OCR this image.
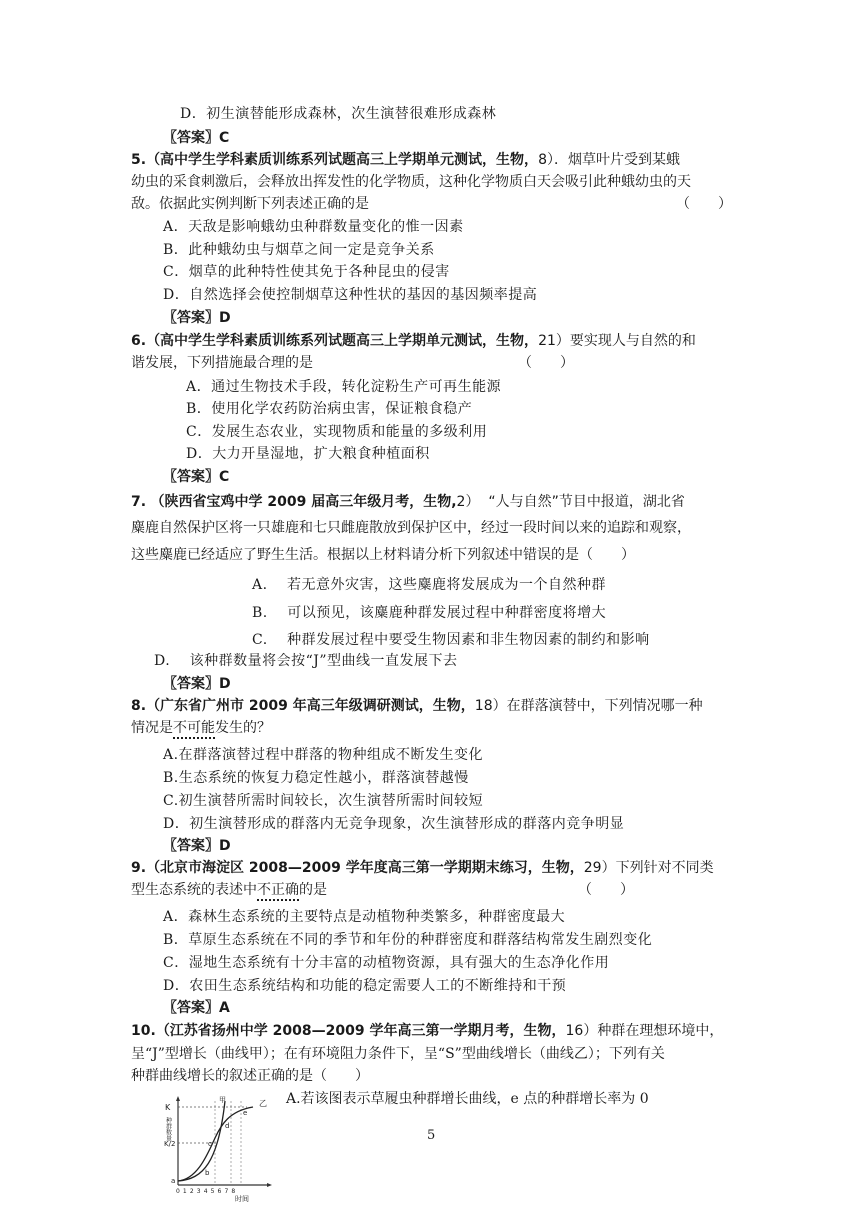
D．初生演替能形成森林，次生演替很难形成森林
〖答案〗C
5.（高中学生学科素质训练系列试题高三上学期单元测试，生物，8）．烟草叶片受到某蛾
幼虫的采食刺激后，会释放出挥发性的化学物质，这种化学物质白天会吸引此种蛾幼虫的天
敌。依据此实例判断下列表述正确的是	（　　）
A．天敌是影响蛾幼虫种群数量变化的惟一因素
B．此种蛾幼虫与烟草之间一定是竞争关系
C．烟草的此种特性使其免于各种昆虫的侵害
D．自然选择会使控制烟草这种性状的基因的基因频率提高
〖答案〗D
6.（高中学生学科素质训练系列试题高三上学期单元测试，生物，21）要实现人与自然的和
谐发展，下列措施最合理的是	（　　）
A．通过生物技术手段，转化淀粉生产可再生能源
B．使用化学农药防治病虫害，保证粮食稳产
C．发展生态农业，实现物质和能量的多级利用
D．大力开垦湿地，扩大粮食种植面积
〖答案〗C
7. （陕西省宝鸡中学 2009 届高三年级月考，生物,2） “人与自然”节目中报道，湖北省
麋鹿自然保护区将一只雄鹿和七只雌鹿散放到保护区中，经过一段时间以来的追踪和观察，
这些麋鹿已经适应了野生生活。根据以上材料请分析下列叙述中错误的是（　　）
A.　 若无意外灾害，这些麋鹿将发展成为一个自然种群
B.　 可以预见，该麋鹿种群发展过程中种群密度将增大
C.　 种群发展过程中要受生物因素和非生物因素的制约和影响
D.　 该种群数量将会按“J”型曲线一直发展下去
〖答案〗D
8.（广东省广州市 2009 年高三年级调研测试，生物，18）在群落演替中，下列情况哪一种
情况是不可能发生的？
A.在群落演替过程中群落的物种组成不断发生变化
B.生态系统的恢复力稳定性越小，群落演替越慢
C.初生演替所需时间较长，次生演替所需时间较短
D．初生演替形成的群落内无竞争现象，次生演替形成的群落内竞争明显
〖答案〗D
9.（北京市海淀区 2008—2009 学年度高三第一学期期末练习，生物，29）下列针对不同类
型生态系统的表述中不正确的是	（　　）
A．森林生态系统的主要特点是动植物种类繁多，种群密度最大
B．草原生态系统在不同的季节和年份的种群密度和群落结构常发生剧烈变化
C．湿地生态系统有十分丰富的动植物资源，具有强大的生态净化作用
D．农田生态系统结构和功能的稳定需要人工的不断维持和干预
〖答案〗A
10.（江苏省扬州中学 2008—2009 学年高三第一学期月考，生物，16）种群在理想环境中，
呈“J”型增长（曲线甲）；在有环境阻力条件下，呈“S”型曲线增长（曲线乙）；下列有关
种群曲线增长的叙述正确的是（　　）
A.若该图表示草履虫种群增长曲线，e 点的种群增长率为 0
K
K/2
甲	乙
种群数量
时间
0 1 2 3 4 5 6 7 8
a
b
c
d
e
5
